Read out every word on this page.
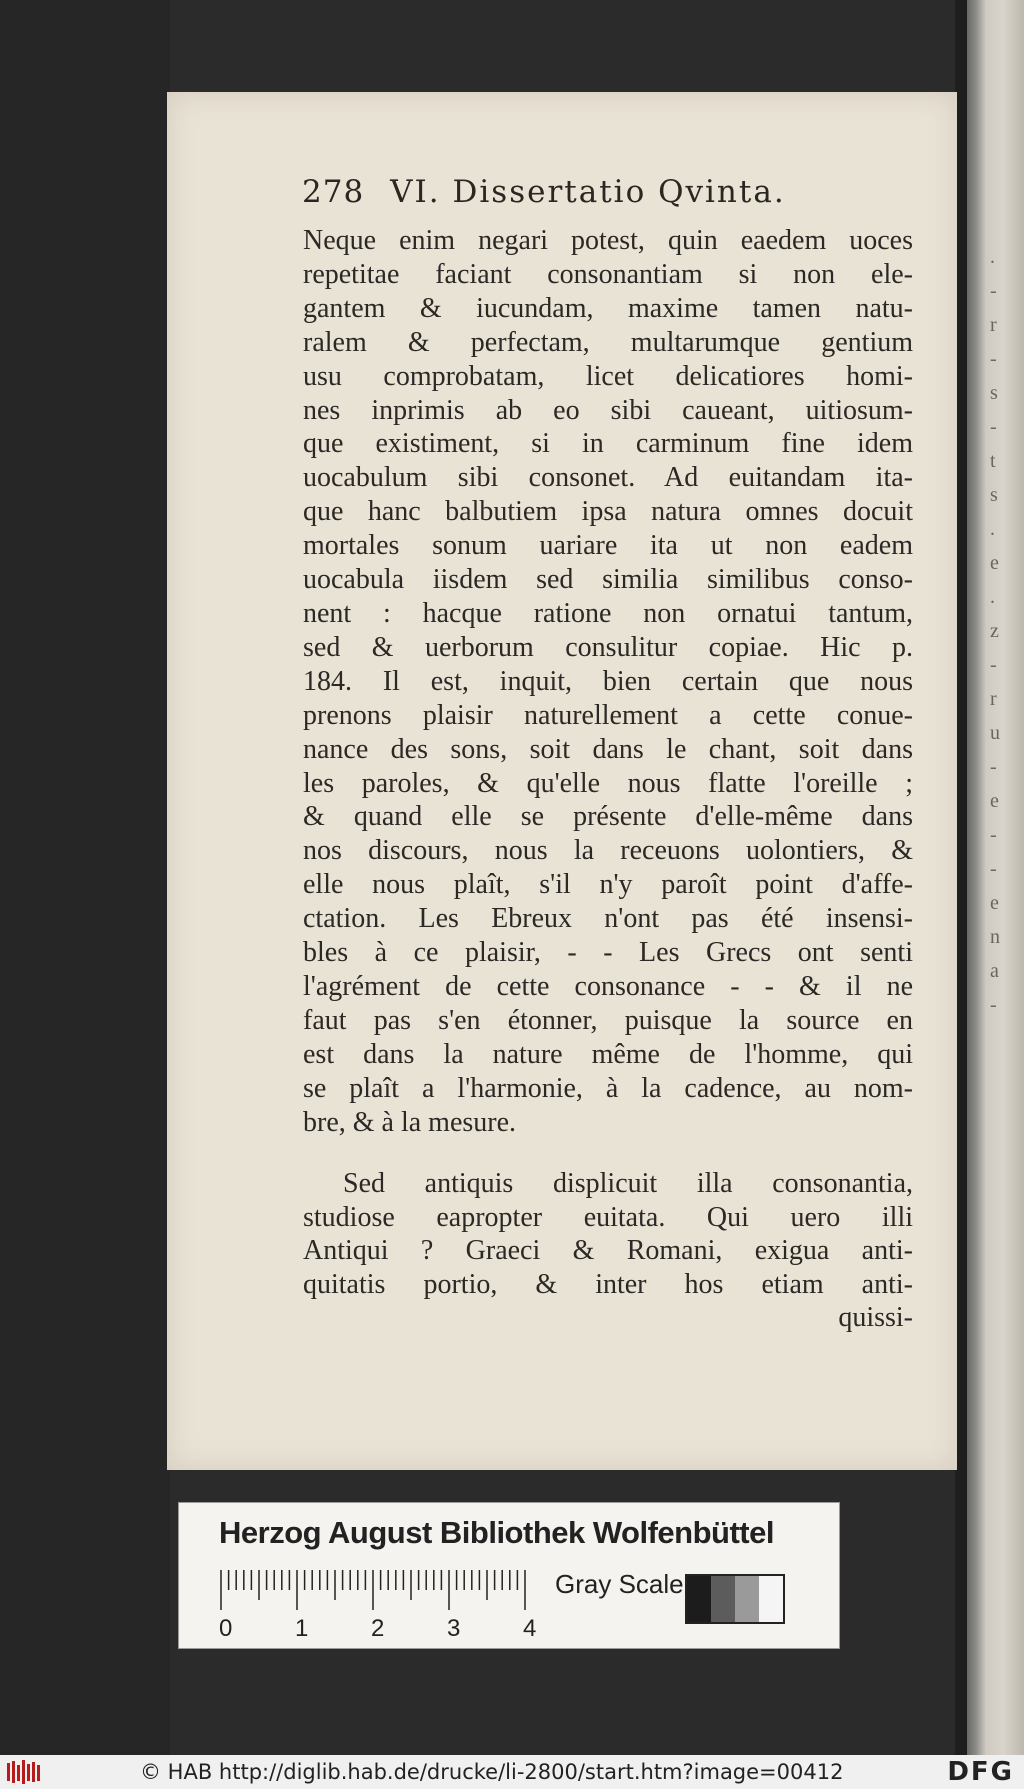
.
-
r
-
s
-
t
s
.
e
.
z
-
r
u
-
e
-
-
e
n
a
-
278 VI. Dissertatio Qvinta.

Neque enim negari potest, quin eaedem uoces

repetitae faciant consonantiam si non ele-

gantem & iucundam, maxime tamen natu-

ralem & perfectam, multarumque gentium

usu comprobatam, licet delicatiores homi-

nes inprimis ab eo sibi caueant, uitiosum-

que existiment, si in carminum fine idem

uocabulum sibi consonet. Ad euitandam ita-

que hanc balbutiem ipsa natura omnes docuit

mortales sonum uariare ita ut non eadem

uocabula iisdem sed similia similibus conso-

nent : hacque ratione non ornatui tantum,

sed & uerborum consulitur copiae. Hic p.

184. Il est, inquit, bien certain que nous

prenons plaisir naturellement a cette conue-

nance des sons, soit dans le chant, soit dans

les paroles, & qu'elle nous flatte l'oreille ;

& quand elle se présente d'elle-même dans

nos discours, nous la receuons uolontiers, &

elle nous plaît, s'il n'y paroît point d'affe-

ctation. Les Ebreux n'ont pas été insensi-

bles à ce plaisir, - - Les Grecs ont senti

l'agrément de cette consonance - - & il ne

faut pas s'en étonner, puisque la source en

est dans la nature même de l'homme, qui

se plaît a l'harmonie, à la cadence, au nom-

bre, & à la mesure.

Sed antiquis displicuit illa consonantia,

studiose eapropter euitata. Qui uero illi

Antiqui ? Graeci & Romani, exigua anti-

quitatis portio, & inter hos etiam anti-

quissi-

Herzog August Bibliothek Wolfenbüttel
0	1	2	3	4
Gray Scale
© HAB http://diglib.hab.de/drucke/li-2800/start.htm?image=00412	DFG
